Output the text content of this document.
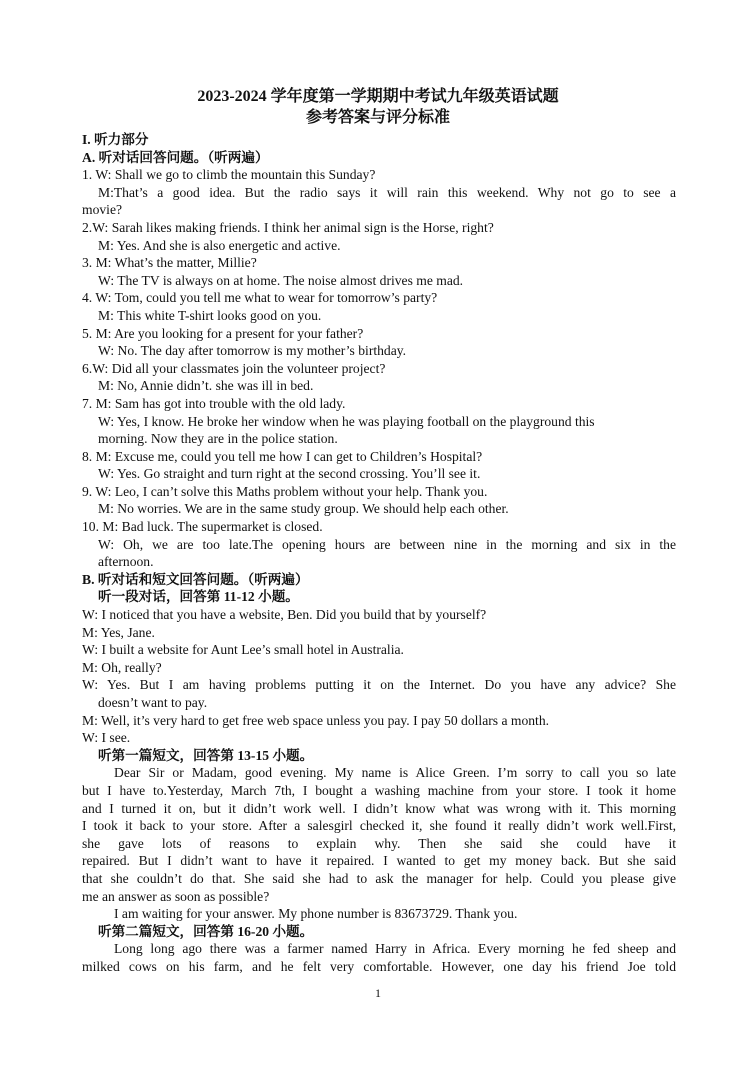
2023-2024 学年度第一学期期中考试九年级英语试题
参考答案与评分标准

I. 听力部分

A. 听对话回答问题。（听两遍）

1. W: Shall we go to climb the mountain this Sunday?

M:That’s a good idea. But the radio says it will rain this weekend. Why not go to see a

movie?

2.W: Sarah likes making friends. I think her animal sign is the Horse, right?

M: Yes. And she is also energetic and active.

3. M: What’s the matter, Millie?

W: The TV is always on at home. The noise almost drives me mad.

4. W: Tom, could you tell me what to wear for tomorrow’s party?

M: This white T-shirt looks good on you.

5. M: Are you looking for a present for your father?

W: No. The day after tomorrow is my mother’s birthday.

6.W: Did all your classmates join the volunteer project?

M: No, Annie didn’t. she was ill in bed.

7. M: Sam has got into trouble with the old lady.

W: Yes, I know. He broke her window when he was playing football on the playground this

morning. Now they are in the police station.

8. M: Excuse me, could you tell me how I can get to Children’s Hospital?

W: Yes. Go straight and turn right at the second crossing. You’ll see it.

9. W: Leo, I can’t solve this Maths problem without your help. Thank you.

M: No worries. We are in the same study group. We should help each other.

10. M: Bad luck. The supermarket is closed.

W: Oh, we are too late.The opening hours are between nine in the morning and six in the

afternoon.

B. 听对话和短文回答问题。（听两遍）

听一段对话，回答第 11-12 小题。

W: I noticed that you have a website, Ben. Did you build that by yourself?

M: Yes, Jane.

W: I built a website for Aunt Lee’s small hotel in Australia.

M: Oh, really?

W: Yes. But I am having problems putting it on the Internet. Do you have any advice? She

doesn’t want to pay.

M: Well, it’s very hard to get free web space unless you pay. I pay 50 dollars a month.

W: I see.

听第一篇短文，回答第 13-15 小题。

Dear Sir or Madam, good evening. My name is Alice Green. I’m sorry to call you so late

but I have to.Yesterday, March 7th, I bought a washing machine from your store. I took it home

and I turned it on, but it didn’t work well. I didn’t know what was wrong with it. This morning

I took it back to your store. After a salesgirl checked it, she found it really didn’t work well.First,

she gave lots of reasons to explain why. Then she said she could have it

repaired. But I didn’t want to have it repaired. I wanted to get my money back. But she said

that she couldn’t do that. She said she had to ask the manager for help. Could you please give

me an answer as soon as possible?

I am waiting for your answer. My phone number is 83673729. Thank you.

听第二篇短文，回答第 16-20 小题。

Long long ago there was a farmer named Harry in Africa. Every morning he fed sheep and

milked cows on his farm, and he felt very comfortable. However, one day his friend Joe told

1
